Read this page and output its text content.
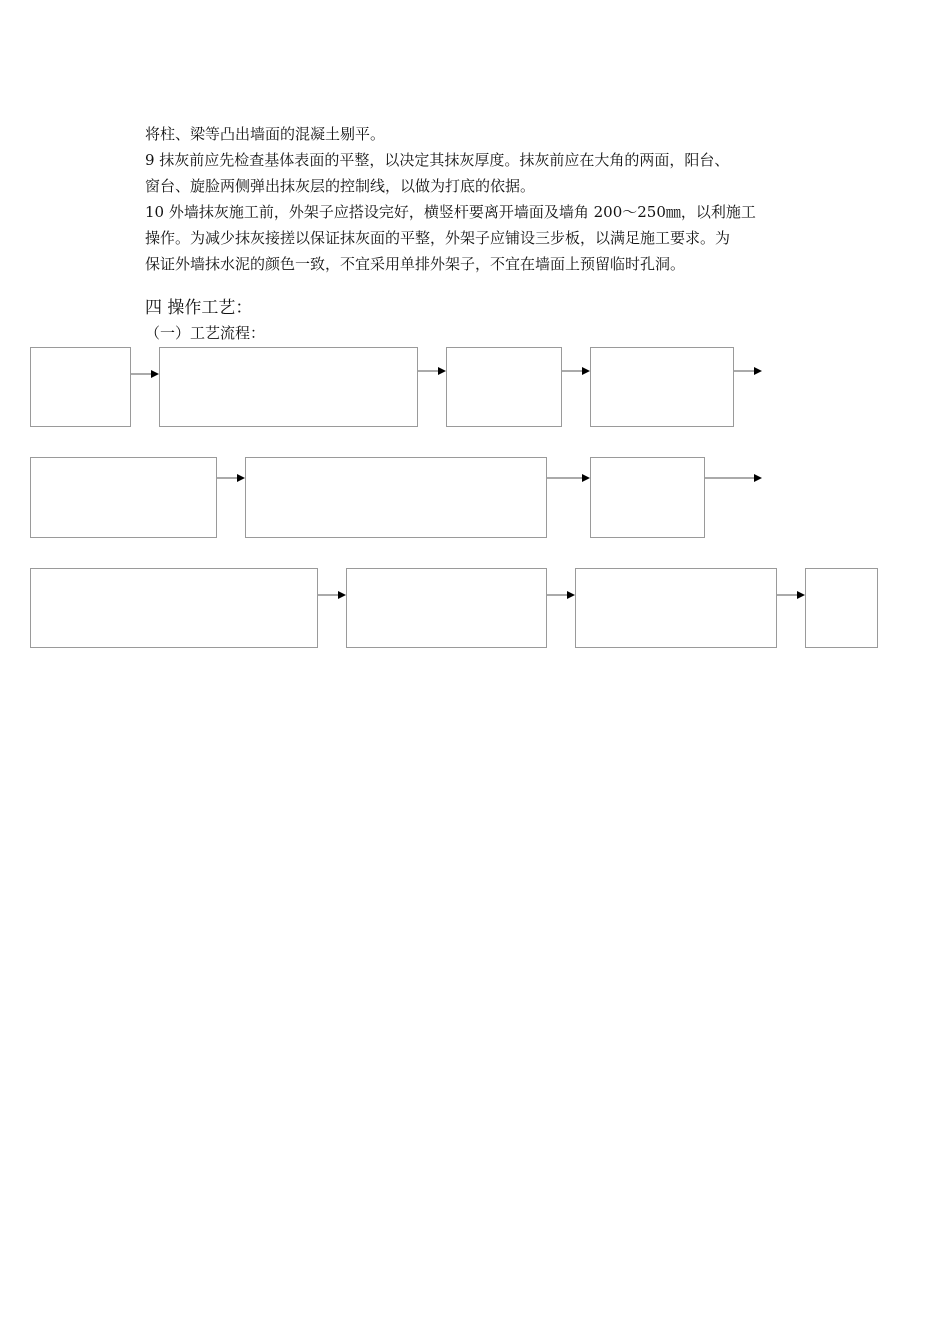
将柱、梁等凸出墙面的混凝土剔平。

9 抹灰前应先检查基体表面的平整，以决定其抹灰厚度。抹灰前应在大角的两面，阳台、

窗台、旋脸两侧弹出抹灰层的控制线，以做为打底的依据。

10 外墙抹灰施工前，外架子应搭设完好，横竖杆要离开墙面及墙角 200～250㎜，以利施工

操作。为减少抹灰接搓以保证抹灰面的平整，外架子应铺设三步板，以满足施工要求。为

保证外墙抹水泥的颜色一致，不宜采用单排外架子，不宜在墙面上预留临时孔洞。

四 操作工艺：
（一）工艺流程：
